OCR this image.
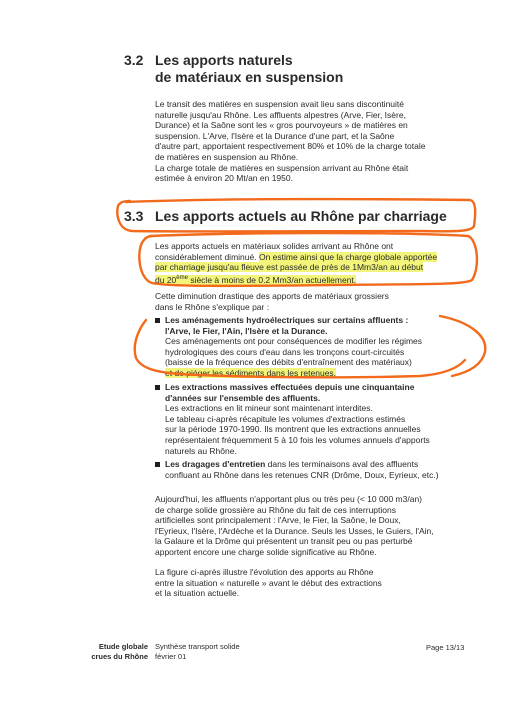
3.2 Les apports naturels
de matériaux en suspension
Le transit des matières en suspension avait lieu sans discontinuité
naturelle jusqu'au Rhône. Les affluents alpestres (Arve, Fier, Isère,
Durance) et la Saône sont les « gros pourvoyeurs » de matières en
suspension. L'Arve, l'Isère et la Durance d'une part, et la Saône
d'autre part, apportaient respectivement 80% et 10% de la charge totale
de matières en suspension au Rhône.
La charge totale de matières en suspension arrivant au Rhône était
estimée à environ 20 Mt/an en 1950.
3.3 Les apports actuels au Rhône par charriage
Les apports actuels en matériaux solides arrivant au Rhône ont
considérablement diminué. On estime ainsi que la charge globale apportée
par charriage jusqu'au fleuve est passée de près de 1Mm3/an au début
du 20ème siècle à moins de 0.2 Mm3/an actuellement.
Cette diminution drastique des apports de matériaux grossiers
dans le Rhône s'explique par :
Les aménagements hydroélectriques sur certains affluents :
l'Arve, le Fier, l'Ain, l'Isère et la Durance.
Ces aménagements ont pour conséquences de modifier les régimes
hydrologiques des cours d'eau dans les tronçons court-circuités
(baisse de la fréquence des débits d'entraînement des matériaux)
et de piéger les sédiments dans les retenues.
Les extractions massives effectuées depuis une cinquantaine
d'années sur l'ensemble des affluents.
Les extractions en lit mineur sont maintenant interdites.
Le tableau ci-après récapitule les volumes d'extractions estimés
sur la période 1970-1990. Ils montrent que les extractions annuelles
représentaient fréquemment 5 à 10 fois les volumes annuels d'apports
naturels au Rhône.
Les dragages d'entretien dans les terminaisons aval des affluents
confluant au Rhône dans les retenues CNR (Drôme, Doux, Eyrieux, etc.)
Aujourd'hui, les affluents n'apportant plus ou très peu (< 10 000 m3/an)
de charge solide grossière au Rhône du fait de ces interruptions
artificielles sont principalement : l'Arve, le Fier, la Saône, le Doux,
l'Eyrieux, l'Isère, l'Ardèche et la Durance. Seuls les Usses, le Guiers, l'Ain,
la Galaure et la Drôme qui présentent un transit peu ou pas perturbé
apportent encore une charge solide significative au Rhône.
La figure ci-après illustre l'évolution des apports au Rhône
entre la situation « naturelle » avant le début des extractions
et la situation actuelle.
Etude globale
crues du Rhône
Synthèse transport solide
février 01
Page 13/13
